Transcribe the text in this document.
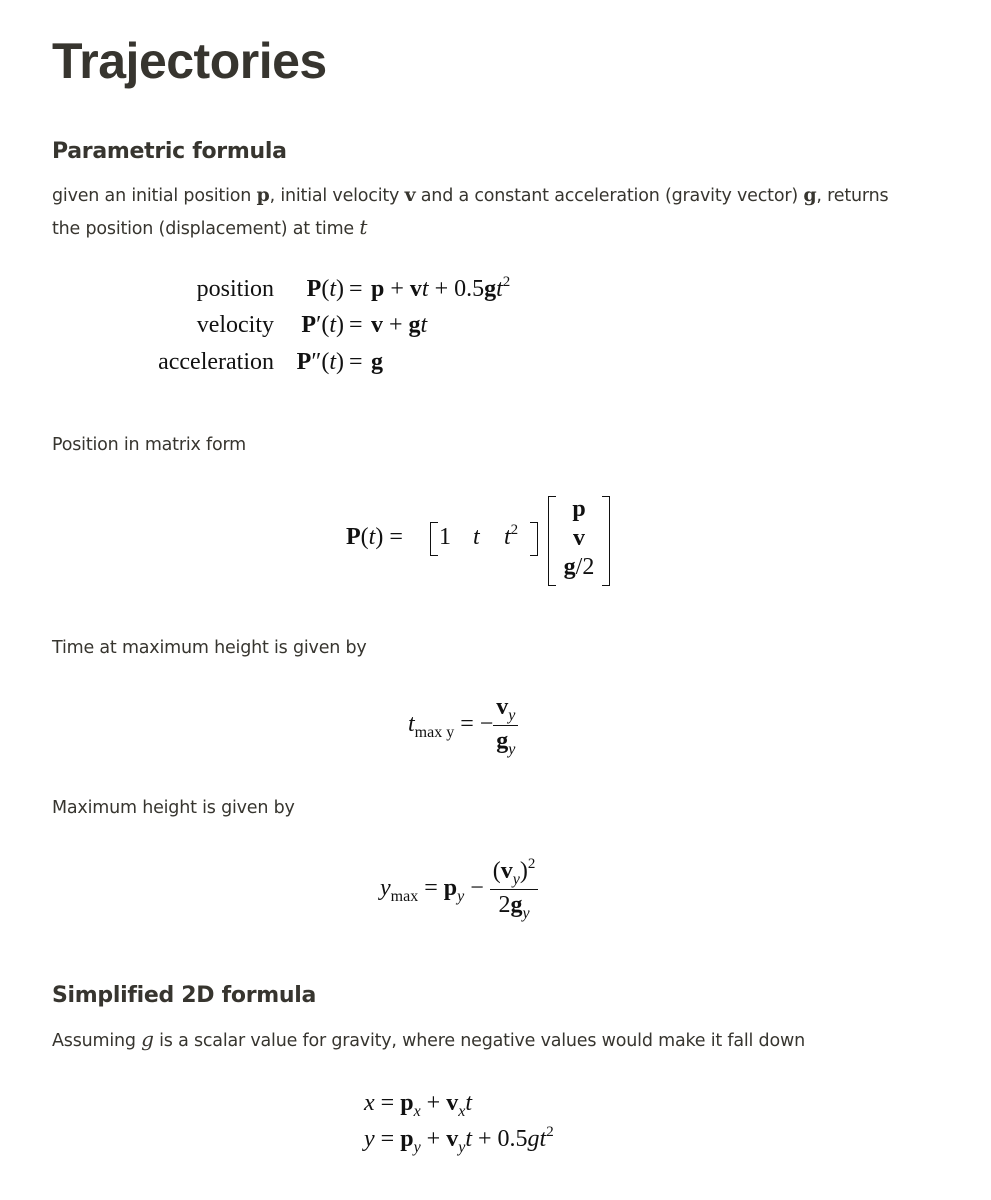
Trajectories
Parametric formula

given an initial position p, initial velocity v and a constant acceleration (gravity vector) g, returns
the position (displacement) at time t

P(t) = p + vt + $0.5gt^2$
position
P′(t) = v + gt
velocity
P″(t) = g
acceleration

Position in matrix form

P(t) = 1 t $t^2$
p
v
g/2

Time at maximum height is given by

$t_{max y}$ = − $\frac{v_y}{g_y}$

Maximum height is given by

$y_{max} = p_y - \frac{(v_y)^2}{2g_y}$
Simplified 2D formula

Assuming g is a scalar value for gravity, where negative values would make it fall down

$x = p_x + v_xt$
$y = p_y + v_yt + 0.5gt^2$
